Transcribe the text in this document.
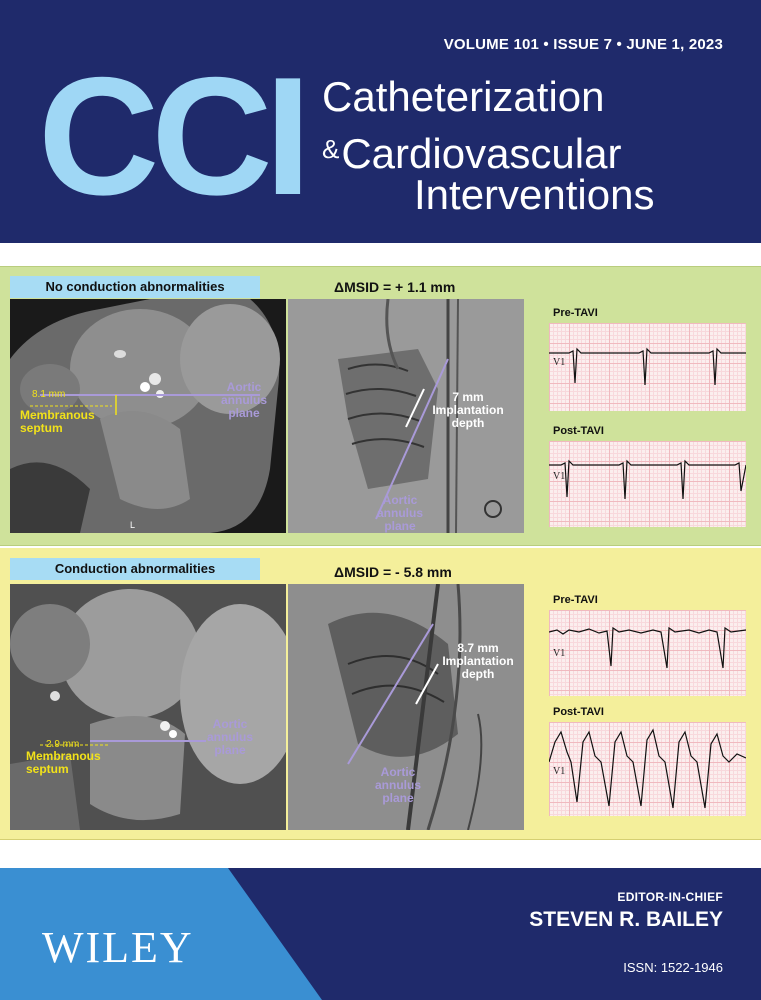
VOLUME 101 • ISSUE 7 • JUNE 1, 2023
CCI Catheterization
&Cardiovascular
Interventions
No conduction abnormalities	ΔMSID = + 1.1 mm
8.1 mm
Membranous septum
Aortic annulus plane
L
7 mm Implantation depth
Aortic annulus plane
Pre-TAVI
V1
Post-TAVI
V1
Conduction abnormalities	ΔMSID = - 5.8 mm
2.9 mm
Membranous septum
Aortic annulus plane
8.7 mm Implantation depth
Aortic annulus plane
Pre-TAVI
V1
Post-TAVI
V1
WILEY
EDITOR-IN-CHIEF
STEVEN R. BAILEY
ISSN: 1522-1946
